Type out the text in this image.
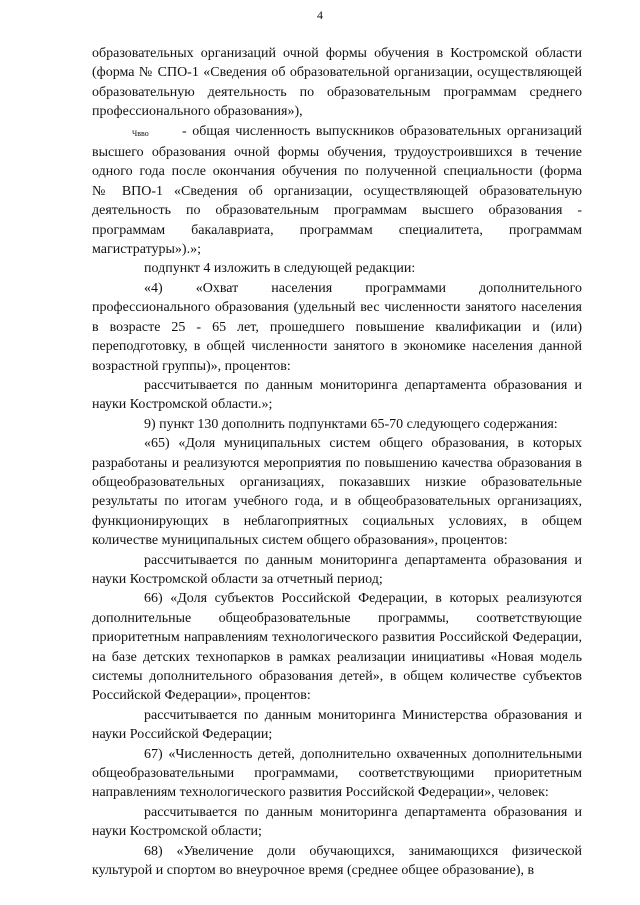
4

образовательных организаций очной формы обучения в Костромской области (форма № СПО-1 «Сведения об образовательной организации, осуществляющей образовательную деятельность по образовательным программам среднего профессионального образования»),

Чвво - общая численность выпускников образовательных организаций высшего образования очной формы обучения, трудоустроившихся в течение одного года после окончания обучения по полученной специальности (форма № ВПО-1 «Сведения об организации, осуществляющей образовательную деятельность по образовательным программам высшего образования - программам бакалавриата, программам специалитета, программам магистратуры»).»;

подпункт 4 изложить в следующей редакции:

«4) «Охват населения программами дополнительного профессионального образования (удельный вес численности занятого населения в возрасте 25 - 65 лет, прошедшего повышение квалификации и (или) переподготовку, в общей численности занятого в экономике населения данной возрастной группы)», процентов:

рассчитывается по данным мониторинга департамента образования и науки Костромской области.»;

9) пункт 130 дополнить подпунктами 65-70 следующего содержания:

«65) «Доля муниципальных систем общего образования, в которых разработаны и реализуются мероприятия по повышению качества образования в общеобразовательных организациях, показавших низкие образовательные результаты по итогам учебного года, и в общеобразовательных организациях, функционирующих в неблагоприятных социальных условиях, в общем количестве муниципальных систем общего образования», процентов:

рассчитывается по данным мониторинга департамента образования и науки Костромской области за отчетный период;

66) «Доля субъектов Российской Федерации, в которых реализуются дополнительные общеобразовательные программы, соответствующие приоритетным направлениям технологического развития Российской Федерации, на базе детских технопарков в рамках реализации инициативы «Новая модель системы дополнительного образования детей», в общем количестве субъектов Российской Федерации», процентов:

рассчитывается по данным мониторинга Министерства образования и науки Российской Федерации;

67) «Численность детей, дополнительно охваченных дополнительными общеобразовательными программами, соответствующими приоритетным направлениям технологического развития Российской Федерации», человек:

рассчитывается по данным мониторинга департамента образования и науки Костромской области;

68) «Увеличение доли обучающихся, занимающихся физической культурой и спортом во внеурочное время (среднее общее образование), в
